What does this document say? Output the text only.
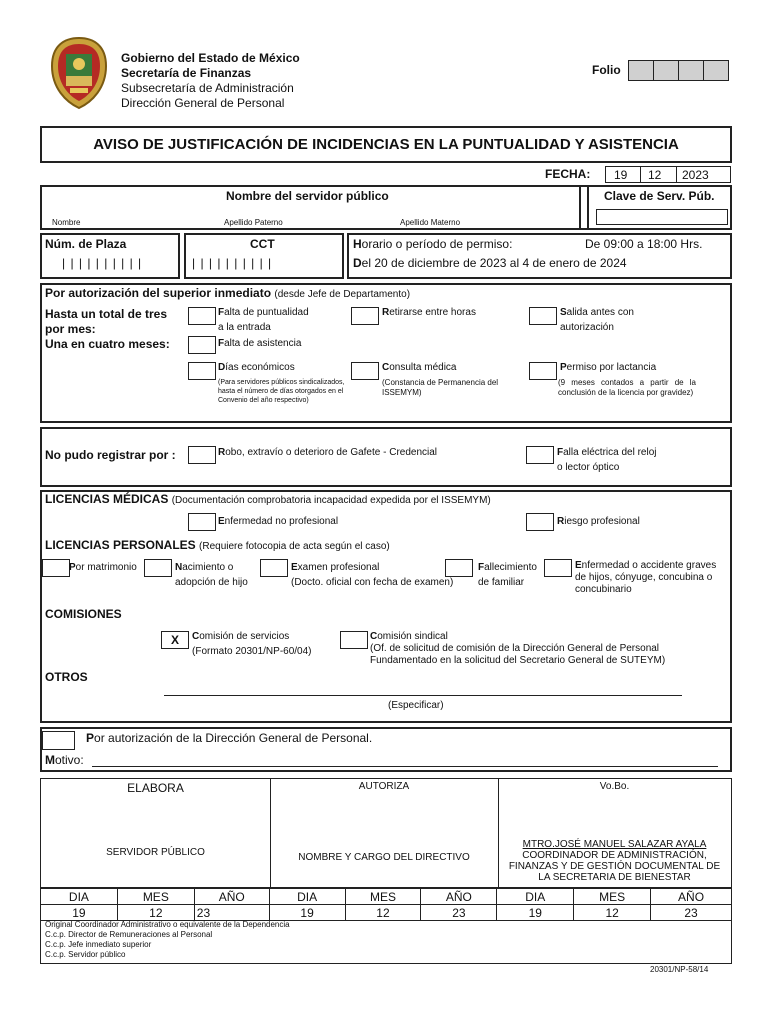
Gobierno del Estado de México
Secretaría de Finanzas
Subsecretaría de Administración
Dirección General de Personal
Folio
AVISO DE JUSTIFICACIÓN DE INCIDENCIAS EN LA PUNTUALIDAD Y ASISTENCIA
FECHA: 19 12 2023
Nombre del servidor público	Clave de Serv. Púb.
Nombre	Apellido Paterno	Apellido Materno
Núm. de Plaza
| | | | | | | | | |
CCT
| | | | | | | | | |
Horario o período de permiso:	De 09:00 a 18:00 Hrs.
Del 20 de diciembre de 2023 al 4 de enero de 2024
Por autorización del superior inmediato (desde Jefe de Departamento)
Hasta un total de tres
por mes:
Una en cuatro meses:
Falta de puntualidad
a la entrada
Falta de asistencia
Retirarse entre horas	Salida antes con
autorización
Días económicos
(Para servidores públicos sindicalizados, hasta el número de días otorgados en el Convenio del año respectivo)
Consulta médica
(Constancia de Permanencia del ISSEMYM)
Permiso por lactancia
(9 meses contados a partir de la conclusión de la licencia por gravidez)
No pudo registrar por :	Robo, extravío o deterioro de Gafete - Credencial	Falla eléctrica del reloj
o lector óptico
LICENCIAS MÉDICAS (Documentación comprobatoria incapacidad expedida por el ISSEMYM)
Enfermedad no profesional	Riesgo profesional
LICENCIAS PERSONALES (Requiere fotocopia de acta según el caso)
Por matrimonio	Nacimiento o
adopción de hijo
Examen profesional
(Docto. oficial con fecha de examen)
Fallecimiento
de familiar
Enfermedad o accidente graves
de hijos, cónyuge, concubina o
concubinario
COMISIONES
X	Comisión de servicios
(Formato 20301/NP-60/04)
Comisión sindical
(Of. de solicitud de comisión de la Dirección General de Personal
Fundamentado en la solicitud del Secretario General de SUTEYM)
OTROS
(Especificar)
Por autorización de la Dirección General de Personal.
Motivo:
ELABORA	AUTORIZA	Vo.Bo.
SERVIDOR PÚBLICO	NOMBRE Y CARGO DEL DIRECTIVO
MTRO.JOSÉ MANUEL SALAZAR AYALA
COORDINADOR DE ADMINISTRACIÓN,
FINANZAS Y DE GESTIÓN DOCUMENTAL DE
LA SECRETARIA DE BIENESTAR
DIA	MES	AÑO	DIA	MES	AÑO	DIA	MES	AÑO
19	12	23	19	12	23	19	12	23
Original Coordinador Administrativo o equivalente de la Dependencia
C.c.p. Director de Remuneraciones al Personal
C.c.p. Jefe inmediato superior
C.c.p. Servidor público
20301/NP-58/14
